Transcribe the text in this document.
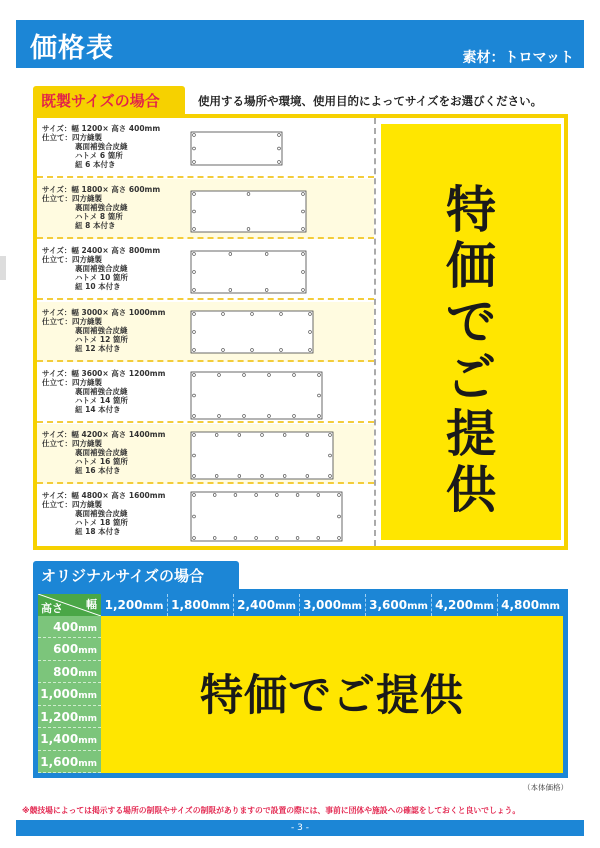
価格表	素材：トロマット
既製サイズの場合	使用する場所や環境、使用目的によってサイズをお選びください。
サイズ：幅 1200× 高さ 400mm
仕立て：四方縫製
裏面補強合皮縫
ハトメ 6 箇所
紐 6 本付き
サイズ：幅 1800× 高さ 600mm
仕立て：四方縫製
裏面補強合皮縫
ハトメ 8 箇所
紐 8 本付き
サイズ：幅 2400× 高さ 800mm
仕立て：四方縫製
裏面補強合皮縫
ハトメ 10 箇所
紐 10 本付き
サイズ：幅 3000× 高さ 1000mm
仕立て：四方縫製
裏面補強合皮縫
ハトメ 12 箇所
紐 12 本付き
サイズ：幅 3600× 高さ 1200mm
仕立て：四方縫製
裏面補強合皮縫
ハトメ 14 箇所
紐 14 本付き
サイズ：幅 4200× 高さ 1400mm
仕立て：四方縫製
裏面補強合皮縫
ハトメ 16 箇所
紐 16 本付き
サイズ：幅 4800× 高さ 1600mm
仕立て：四方縫製
裏面補強合皮縫
ハトメ 18 箇所
紐 18 本付き
特
価
で
ご
提
供
オリジナルサイズの場合
幅
高さ
特価でご提供
1,200mm 1,800mm 2,400mm 3,000mm 3,600mm 4,200mm 4,800mm
400mm
600mm
800mm
1,000mm
1,200mm
1,400mm
1,600mm
（本体価格）
※競技場によっては掲示する場所の制限やサイズの制限がありますので設置の際には、事前に団体や施設への確認をしておくと良いでしょう。
- 3 -
